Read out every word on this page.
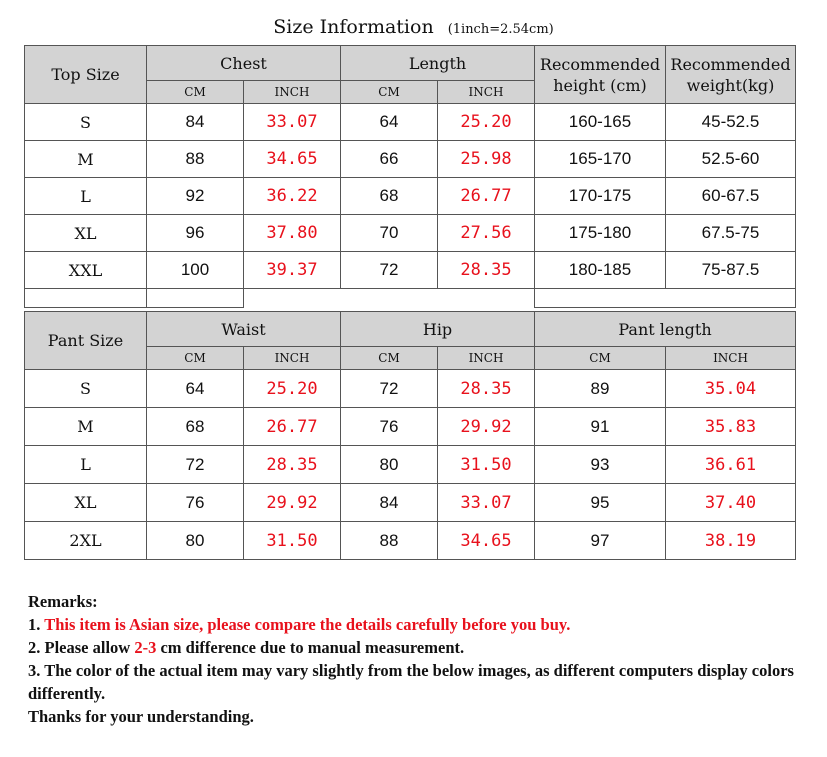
Size Information (1inch=2.54cm)
Top Size	Chest		Length		Recommended height (cm)	Recommended weight(kg)
	CM	INCH	CM	INCH		
S	84	33.07	64	25.20	160-165	45-52.5
M	88	34.65	66	25.98	165-170	52.5-60
L	92	36.22	68	26.77	170-175	60-67.5
XL	96	37.80	70	27.56	175-180	67.5-75
XXL	100	39.37	72	28.35	180-185	75-87.5

Pant Size	Waist		Hip		Pant length	
	CM	INCH	CM	INCH	CM	INCH
S	64	25.20	72	28.35	89	35.04
M	68	26.77	76	29.92	91	35.83
L	72	28.35	80	31.50	93	36.61
XL	76	29.92	84	33.07	95	37.40
2XL	80	31.50	88	34.65	97	38.19

Remarks:

1. This item is Asian size, please compare the details carefully before you buy.

2. Please allow 2-3 cm difference due to manual measurement.

3. The color of the actual item may vary slightly from the below images, as different computers display colors differently.

Thanks for your understanding.
